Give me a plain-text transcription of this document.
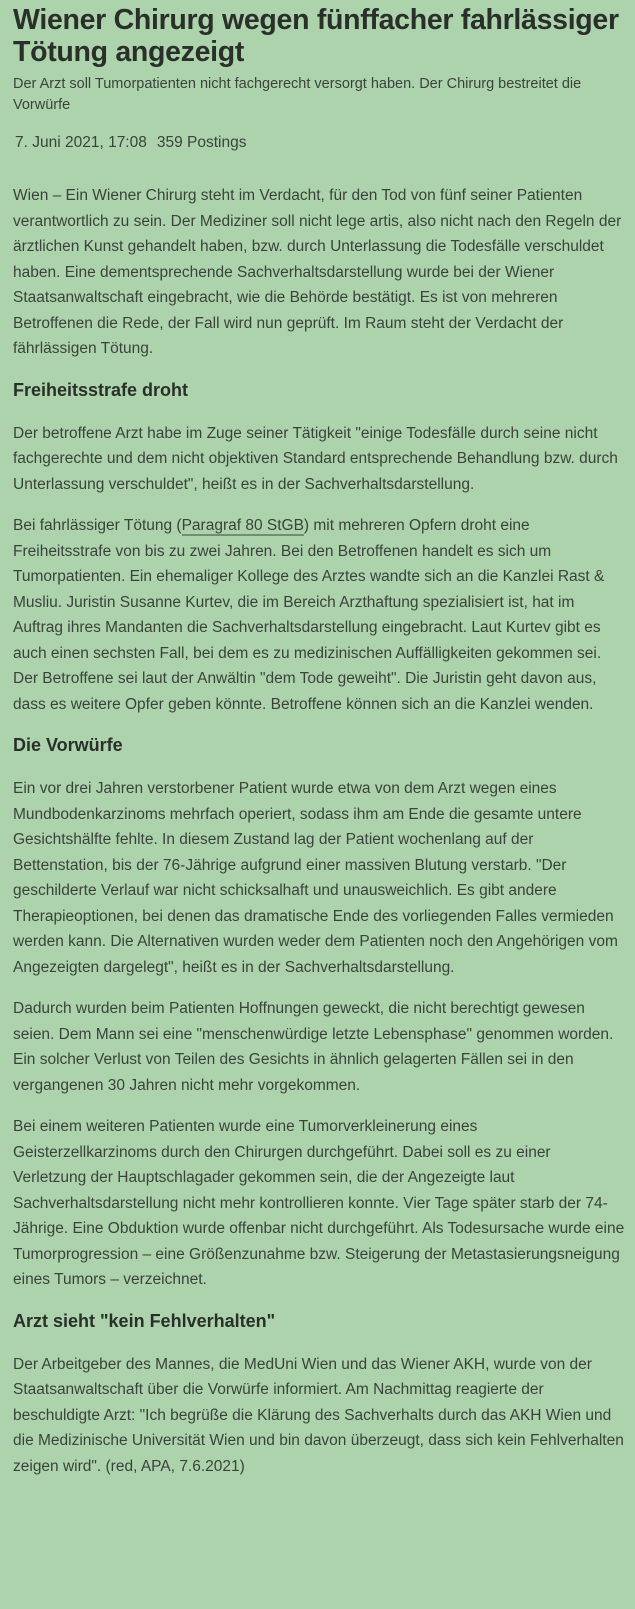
Wiener Chirurg wegen fünffacher fahrlässiger Tötung angezeigt

Der Arzt soll Tumorpatienten nicht fachgerecht versorgt haben. Der Chirurg bestreitet die Vorwürfe

7. Juni 2021, 17:08 359 Postings

Wien – Ein Wiener Chirurg steht im Verdacht, für den Tod von fünf seiner Patienten verantwortlich zu sein. Der Mediziner soll nicht lege artis, also nicht nach den Regeln der ärztlichen Kunst gehandelt haben, bzw. durch Unterlassung die Todesfälle verschuldet haben. Eine dementsprechende Sachverhaltsdarstellung wurde bei der Wiener Staatsanwaltschaft eingebracht, wie die Behörde bestätigt. Es ist von mehreren Betroffenen die Rede, der Fall wird nun geprüft. Im Raum steht der Verdacht der fährlässigen Tötung.

Freiheitsstrafe droht

Der betroffene Arzt habe im Zuge seiner Tätigkeit "einige Todesfälle durch seine nicht fachgerechte und dem nicht objektiven Standard entsprechende Behandlung bzw. durch Unterlassung verschuldet", heißt es in der Sachverhaltsdarstellung.

Bei fahrlässiger Tötung (Paragraf 80 StGB) mit mehreren Opfern droht eine Freiheitsstrafe von bis zu zwei Jahren. Bei den Betroffenen handelt es sich um Tumorpatienten. Ein ehemaliger Kollege des Arztes wandte sich an die Kanzlei Rast & Musliu. Juristin Susanne Kurtev, die im Bereich Arzthaftung spezialisiert ist, hat im Auftrag ihres Mandanten die Sachverhaltsdarstellung eingebracht. Laut Kurtev gibt es auch einen sechsten Fall, bei dem es zu medizinischen Auffälligkeiten gekommen sei. Der Betroffene sei laut der Anwältin "dem Tode geweiht". Die Juristin geht davon aus, dass es weitere Opfer geben könnte. Betroffene können sich an die Kanzlei wenden.

Die Vorwürfe

Ein vor drei Jahren verstorbener Patient wurde etwa von dem Arzt wegen eines Mundbodenkarzinoms mehrfach operiert, sodass ihm am Ende die gesamte untere Gesichtshälfte fehlte. In diesem Zustand lag der Patient wochenlang auf der Bettenstation, bis der 76-Jährige aufgrund einer massiven Blutung verstarb. "Der geschilderte Verlauf war nicht schicksalhaft und unausweichlich. Es gibt andere Therapieoptionen, bei denen das dramatische Ende des vorliegenden Falles vermieden werden kann. Die Alternativen wurden weder dem Patienten noch den Angehörigen vom Angezeigten dargelegt", heißt es in der Sachverhaltsdarstellung.

Dadurch wurden beim Patienten Hoffnungen geweckt, die nicht berechtigt gewesen seien. Dem Mann sei eine "menschenwürdige letzte Lebensphase" genommen worden. Ein solcher Verlust von Teilen des Gesichts in ähnlich gelagerten Fällen sei in den vergangenen 30 Jahren nicht mehr vorgekommen.

Bei einem weiteren Patienten wurde eine Tumorverkleinerung eines Geisterzellkarzinoms durch den Chirurgen durchgeführt. Dabei soll es zu einer Verletzung der Hauptschlagader gekommen sein, die der Angezeigte laut Sachverhaltsdarstellung nicht mehr kontrollieren konnte. Vier Tage später starb der 74-Jährige. Eine Obduktion wurde offenbar nicht durchgeführt. Als Todesursache wurde eine Tumorprogression – eine Größenzunahme bzw. Steigerung der Metastasierungsneigung eines Tumors – verzeichnet.

Arzt sieht "kein Fehlverhalten"

Der Arbeitgeber des Mannes, die MedUni Wien und das Wiener AKH, wurde von der Staatsanwaltschaft über die Vorwürfe informiert. Am Nachmittag reagierte der beschuldigte Arzt: "Ich begrüße die Klärung des Sachverhalts durch das AKH Wien und die Medizinische Universität Wien und bin davon überzeugt, dass sich kein Fehlverhalten zeigen wird". (red, APA, 7.6.2021)
